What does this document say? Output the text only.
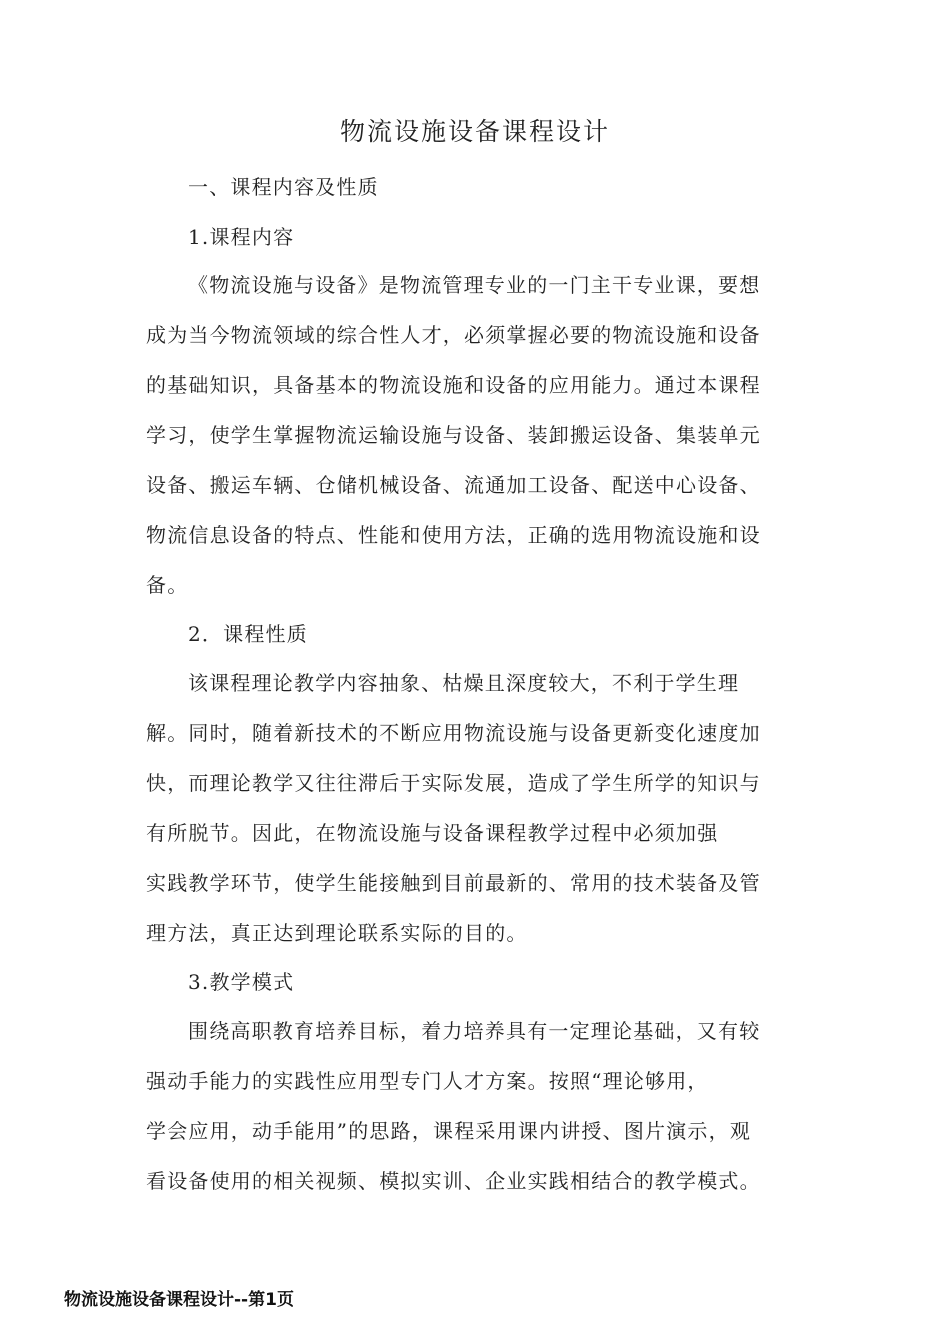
物流设施设备课程设计
一、课程内容及性质
1.课程内容
《物流设施与设备》是物流管理专业的一门主干专业课，要想
成为当今物流领域的综合性人才，必须掌握必要的物流设施和设备
的基础知识，具备基本的物流设施和设备的应用能力。通过本课程
学习，使学生掌握物流运输设施与设备、装卸搬运设备、集装单元
设备、搬运车辆、仓储机械设备、流通加工设备、配送中心设备、
物流信息设备的特点、性能和使用方法，正确的选用物流设施和设
备。
2．课程性质
该课程理论教学内容抽象、枯燥且深度较大，不利于学生理
解。同时，随着新技术的不断应用物流设施与设备更新变化速度加
快，而理论教学又往往滞后于实际发展，造成了学生所学的知识与
有所脱节。因此，在物流设施与设备课程教学过程中必须加强
实践教学环节，使学生能接触到目前最新的、常用的技术装备及管
理方法，真正达到理论联系实际的目的。
3.教学模式
围绕高职教育培养目标，着力培养具有一定理论基础，又有较
强动手能力的实践性应用型专门人才方案。按照“理论够用，
学会应用，动手能用”的思路，课程采用课内讲授、图片演示，观
看设备使用的相关视频、模拟实训、企业实践相结合的教学模式。
物流设施设备课程设计--第1页
